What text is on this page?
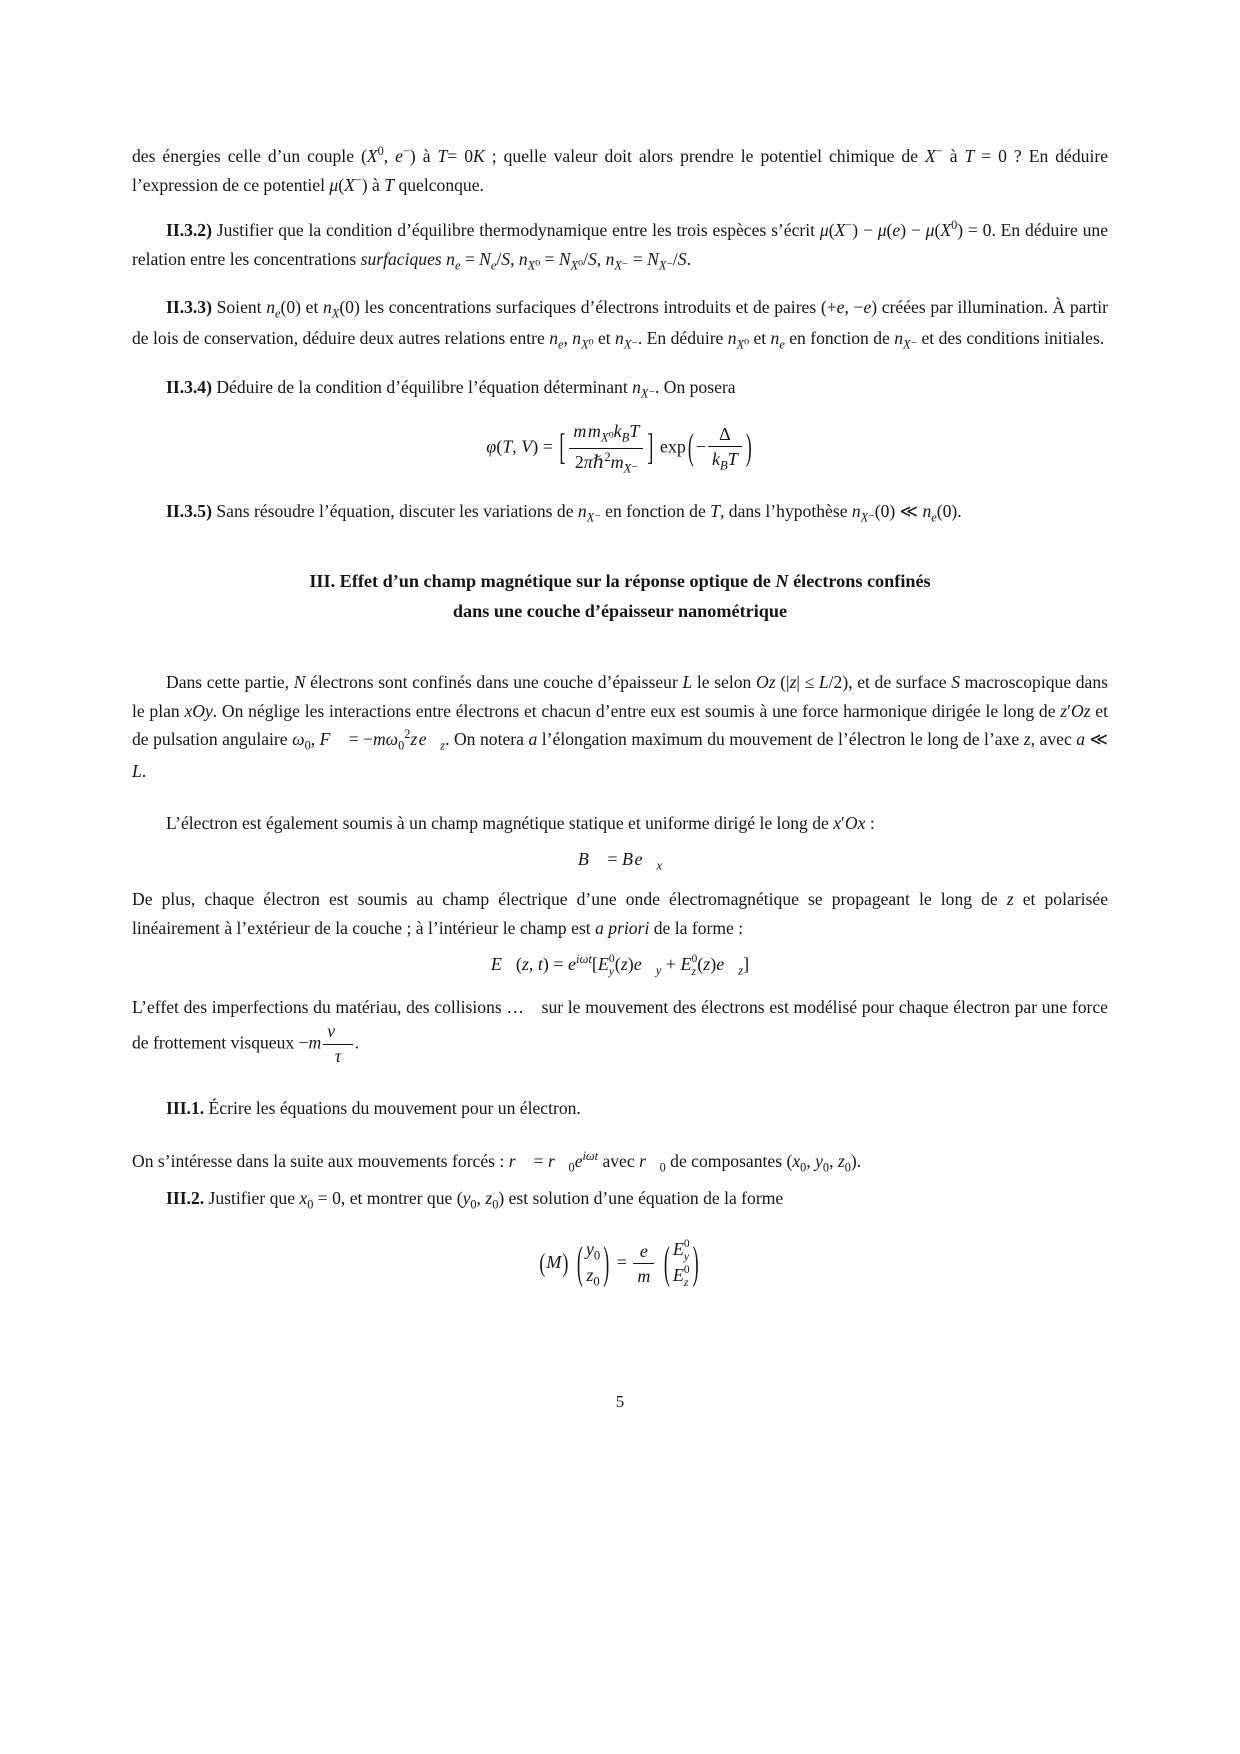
des énergies celle d’un couple ($X^0$, e−) à T= 0K ; quelle valeur doit alors prendre le potentiel chimique de X− à T = 0 ? En déduire l’expression de ce potentiel μ(X−) à T quelconque.

II.3.2) Justifier que la condition d’équilibre thermodynamique entre les trois espèces s’écrit $\mu(X^-) - \mu(e) - \mu(X^0) = 0$. En déduire une relation entre les concentrations surfaciques $n_e = N_e/S$, $n_{X^0} = N_{X^0}/S$, $n_{X^-} = N_{X^-}/S$.

II.3.3) Soient $n_e(0)$ et $n_X(0)$ les concentrations surfaciques d’électrons introduits et de paires (+e, −e) créées par illumination. À partir de lois de conservation, déduire deux autres relations entre $n_e$, $n_{X^0}$ et $n_{X^-}$. En déduire $n_{X^0}$ et $n_e$ en fonction de $n_{X^-}$ et des conditions initiales.

II.3.4) Déduire de la condition d’équilibre l’équation déterminant $n_{X^-}$. On posera

φ(T, V) = [ $\frac{m m_{X^0}k_BT}{2\pi\hbar^2m_{X^-}}$ ] exp ( − $\frac{\Delta}{k_BT}$ )

II.3.5) Sans résoudre l’équation, discuter les variations de $n_{X^-}$ en fonction de T, dans l’hypothèse $n_{X^-}(0)$ ≪ $n_e(0)$.

III. Effet d’un champ magnétique sur la réponse optique de N électrons confinés
dans une couche d’épaisseur nanométrique

Dans cette partie, N électrons sont confinés dans une couche d’épaisseur L le selon Oz (|z| ≤ L/2), et de surface S macroscopique dans le plan xOy. On néglige les interactions entre électrons et chacun d’entre eux est soumis à une force harmonique dirigée le long de z′Oz et de pulsation angulaire $\omega_0$, F⃗ = $-m\omega_0^2z$ $e⃗_z$. On notera a l’élongation maximum du mouvement de l’électron le long de l’axe z, avec a ≪ L.

L’électron est également soumis à un champ magnétique statique et uniforme dirigé le long de x′Ox :

B⃗ = B $e⃗_x$

De plus, chaque électron est soumis au champ électrique d’une onde électromagnétique se propageant le long de z et polarisée linéairement à l’extérieur de la couche ; à l’intérieur le champ est a priori de la forme :

E⃗(z, $t) = e^{i\omega t}[E$ 0
y $(z)e⃗_y + E$ 0
z $(z)e⃗_z$]

L’effet des imperfections du matériau, des collisions …  sur le mouvement des électrons est modélisé pour chaque électron par une force de frottement visqueux $-m \frac{v⃗}{\tau}$ .

III.1. Écrire les équations du mouvement pour un électron.

On s’intéresse dans la suite aux mouvements forcés : r⃗ = $r⃗_0e^{i\omega t}$ avec $r⃗_0$ de composantes ($x_0$, $y_0$, $z_0$).

III.2. Justifier que $x_0 = 0$, et montrer que ($y_0$, $z_0$) est solution d’une équation de la forme

(M) ( $y_0$
$z_0$ ) = $\frac{e}{m}$ ( E 0
y
E 0
z )
5
